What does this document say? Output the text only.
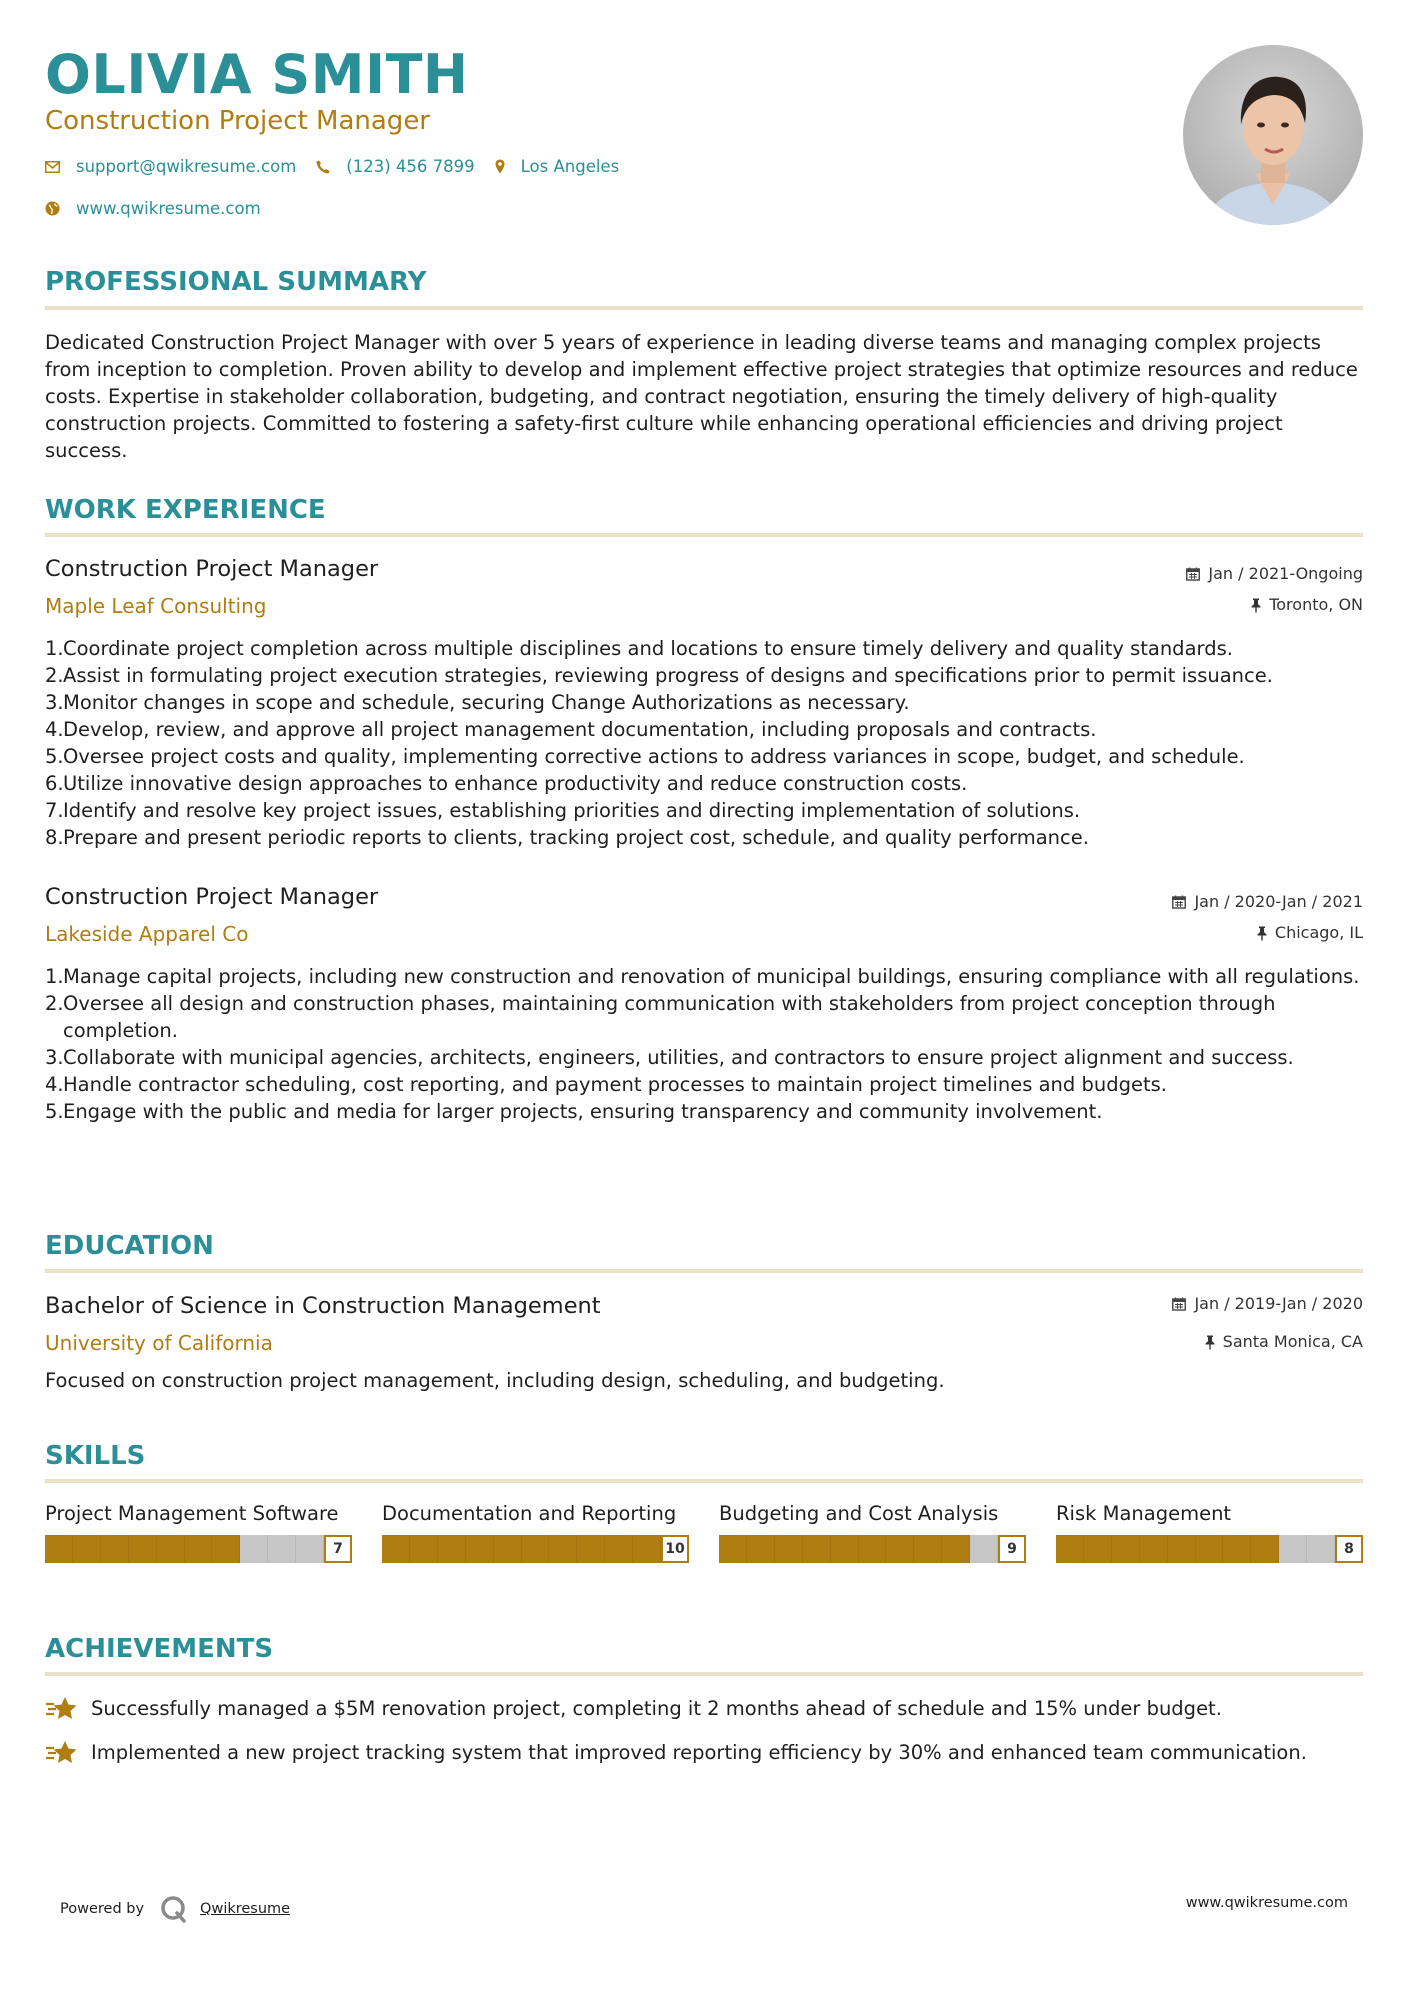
OLIVIA SMITH
Construction Project Manager
support@qwikresume.com	(123) 456 7899	Los Angeles
www.qwikresume.com
PROFESSIONAL SUMMARY
Dedicated Construction Project Manager with over 5 years of experience in leading diverse teams and managing complex projects from inception to completion. Proven ability to develop and implement effective project strategies that optimize resources and reduce costs. Expertise in stakeholder collaboration, budgeting, and contract negotiation, ensuring the timely delivery of high-quality construction projects. Committed to fostering a safety-first culture while enhancing operational efficiencies and driving project success.
WORK EXPERIENCE
Construction Project Manager
Maple Leaf Consulting
Jan / 2021-Ongoing
Toronto, ON
Coordinate project completion across multiple disciplines and locations to ensure timely delivery and quality standards.
Assist in formulating project execution strategies, reviewing progress of designs and specifications prior to permit issuance.
Monitor changes in scope and schedule, securing Change Authorizations as necessary.
Develop, review, and approve all project management documentation, including proposals and contracts.
Oversee project costs and quality, implementing corrective actions to address variances in scope, budget, and schedule.
Utilize innovative design approaches to enhance productivity and reduce construction costs.
Identify and resolve key project issues, establishing priorities and directing implementation of solutions.
Prepare and present periodic reports to clients, tracking project cost, schedule, and quality performance.
Construction Project Manager
Lakeside Apparel Co
Jan / 2020-Jan / 2021
Chicago, IL
Manage capital projects, including new construction and renovation of municipal buildings, ensuring compliance with all regulations.
Oversee all design and construction phases, maintaining communication with stakeholders from project conception through completion.
Collaborate with municipal agencies, architects, engineers, utilities, and contractors to ensure project alignment and success.
Handle contractor scheduling, cost reporting, and payment processes to maintain project timelines and budgets.
Engage with the public and media for larger projects, ensuring transparency and community involvement.
EDUCATION
Bachelor of Science in Construction Management
University of California
Jan / 2019-Jan / 2020
Santa Monica, CA
Focused on construction project management, including design, scheduling, and budgeting.
SKILLS
Project Management Software
7
Documentation and Reporting
10
Budgeting and Cost Analysis
9
Risk Management
8
ACHIEVEMENTS
Successfully managed a $5M renovation project, completing it 2 months ahead of schedule and 15% under budget.
Implemented a new project tracking system that improved reporting efficiency by 30% and enhanced team communication.
Powered by	Qwikresume	www.qwikresume.com
